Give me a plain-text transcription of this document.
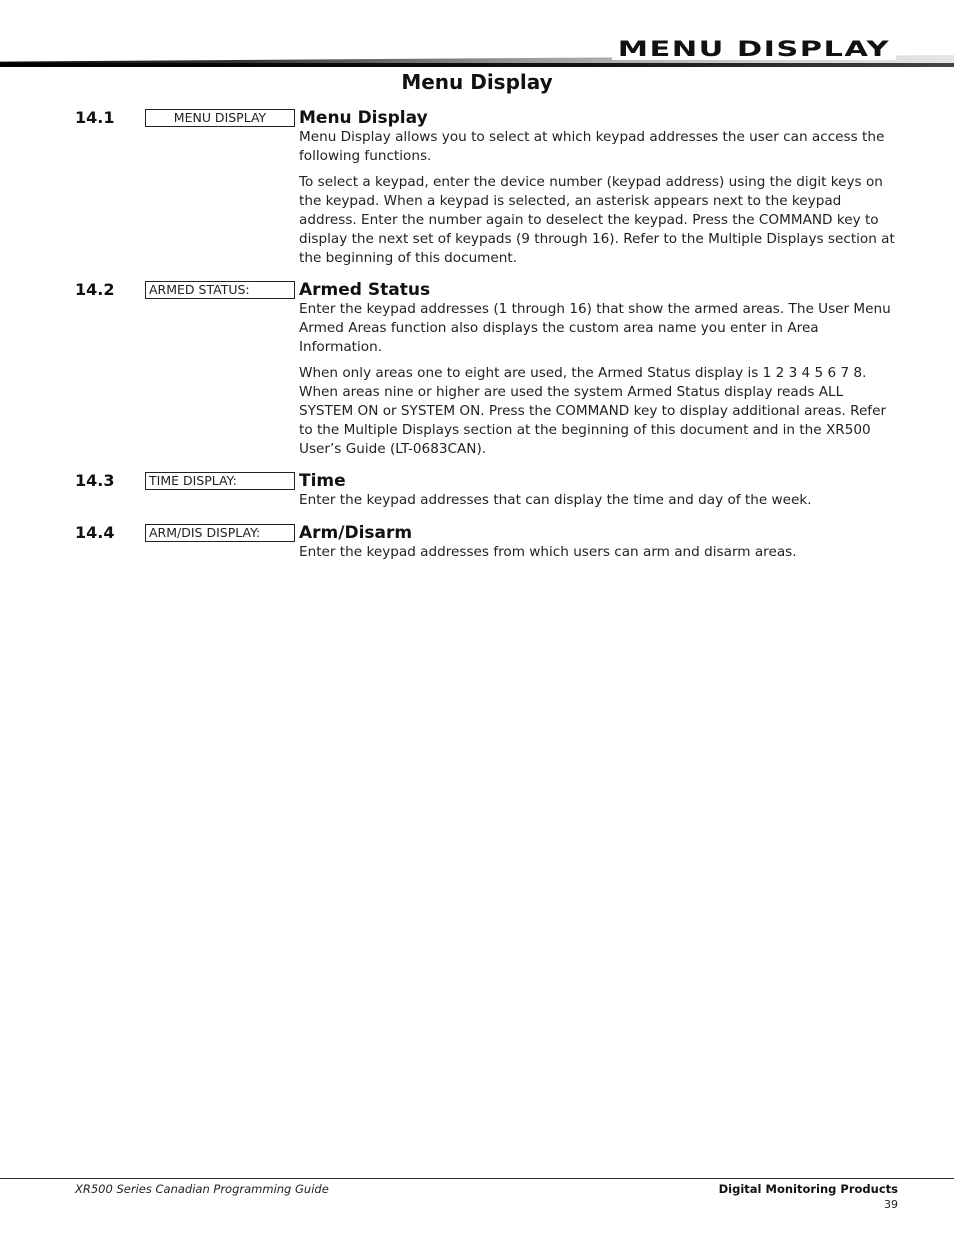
MENU DISPLAY
Menu Display
14.1	MENU DISPLAY	Menu Display

Menu Display allows you to select at which keypad addresses the user can access the following functions.

To select a keypad, enter the device number (keypad address) using the digit keys on the keypad. When a keypad is selected, an asterisk appears next to the keypad address. Enter the number again to deselect the keypad. Press the COMMAND key to display the next set of keypads (9 through 16). Refer to the Multiple Displays section at the beginning of this document.

14.2	ARMED STATUS:	Armed Status

Enter the keypad addresses (1 through 16) that show the armed areas. The User Menu Armed Areas function also displays the custom area name you enter in Area Information.

When only areas one to eight are used, the Armed Status display is 1 2 3 4 5 6 7 8. When areas nine or higher are used the system Armed Status display reads ALL SYSTEM ON or SYSTEM ON. Press the COMMAND key to display additional areas. Refer to the Multiple Displays section at the beginning of this document and in the XR500 User’s Guide (LT-0683CAN).

14.3	TIME DISPLAY:	Time

Enter the keypad addresses that can display the time and day of the week.

14.4	ARM/DIS DISPLAY:	Arm/Disarm

Enter the keypad addresses from which users can arm and disarm areas.

XR500 Series Canadian Programming Guide	Digital Monitoring Products
39
